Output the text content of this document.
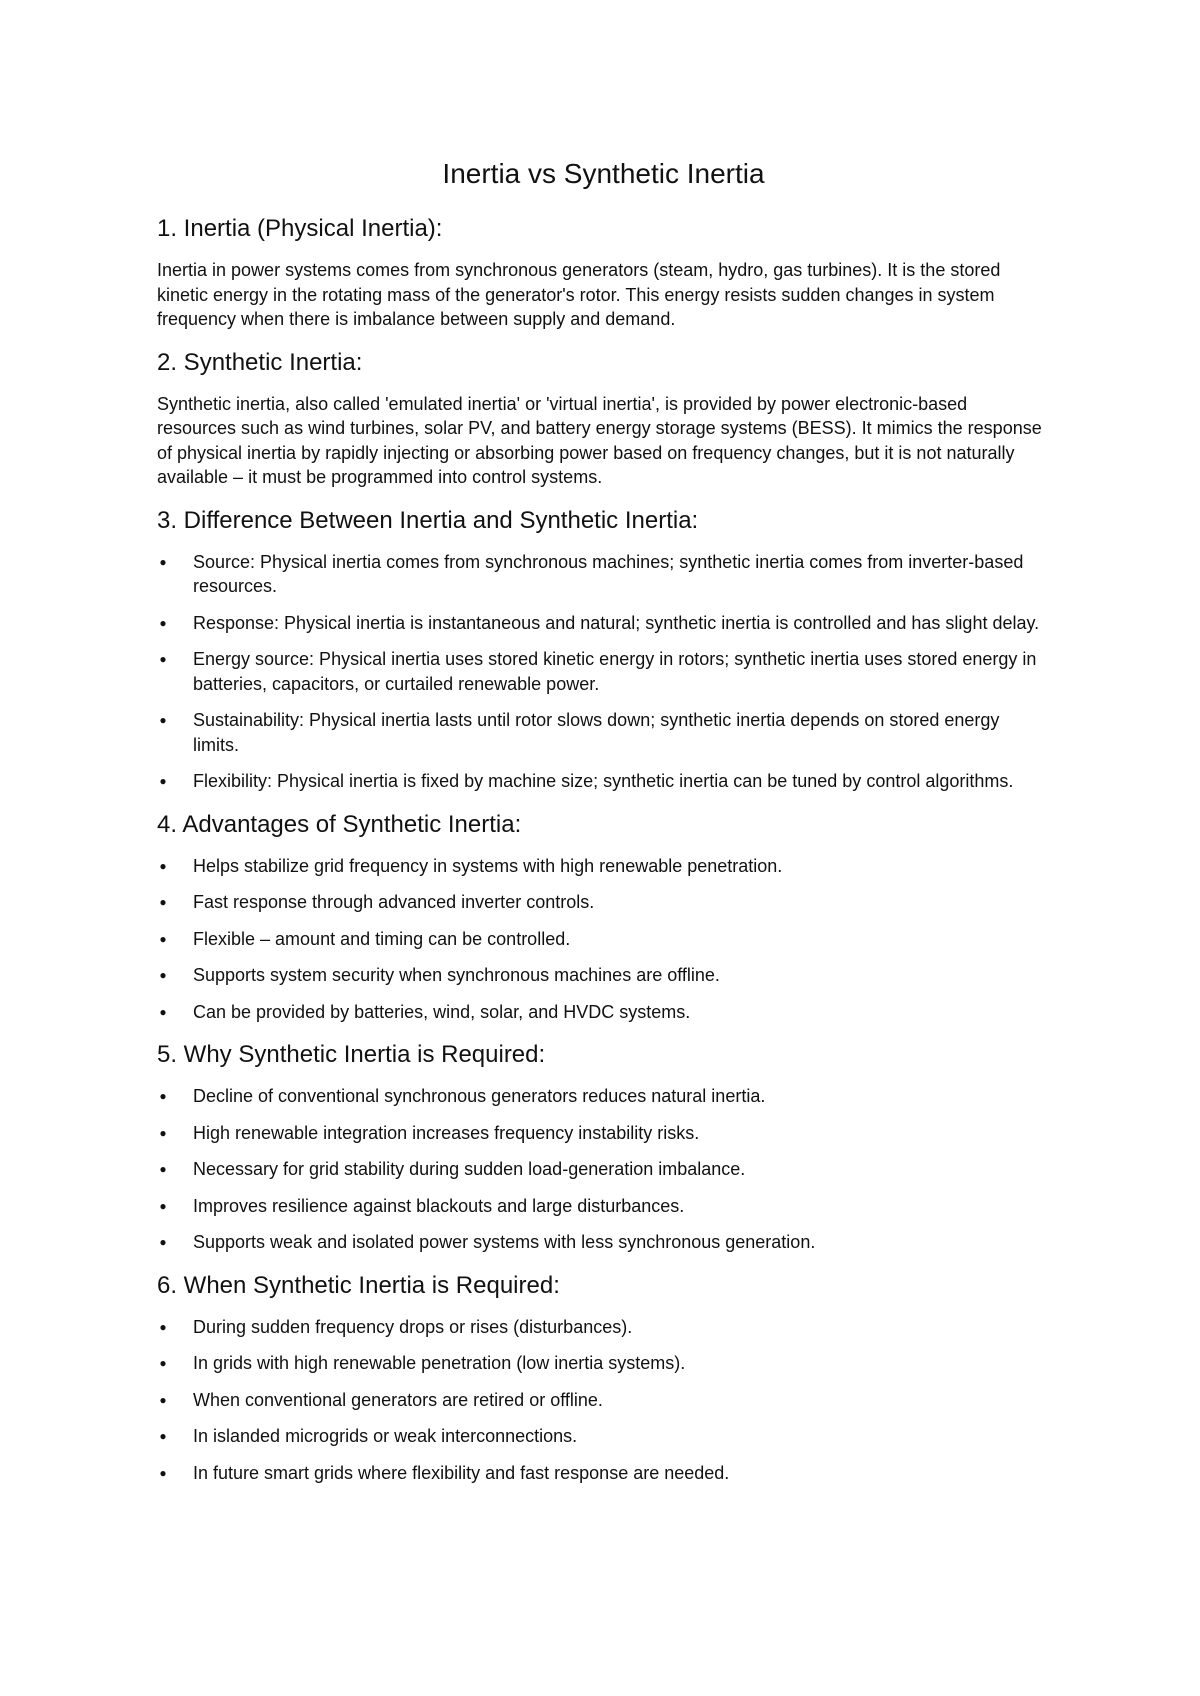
Inertia vs Synthetic Inertia
1. Inertia (Physical Inertia):

Inertia in power systems comes from synchronous generators (steam, hydro, gas turbines). It is the stored kinetic energy in the rotating mass of the generator's rotor. This energy resists sudden changes in system frequency when there is imbalance between supply and demand.

2. Synthetic Inertia:

Synthetic inertia, also called 'emulated inertia' or 'virtual inertia', is provided by power electronic-based resources such as wind turbines, solar PV, and battery energy storage systems (BESS). It mimics the response of physical inertia by rapidly injecting or absorbing power based on frequency changes, but it is not naturally available – it must be programmed into control systems.

3. Difference Between Inertia and Synthetic Inertia:
● Source: Physical inertia comes from synchronous machines; synthetic inertia comes from inverter-based resources.
● Response: Physical inertia is instantaneous and natural; synthetic inertia is controlled and has slight delay.
● Energy source: Physical inertia uses stored kinetic energy in rotors; synthetic inertia uses stored energy in batteries, capacitors, or curtailed renewable power.
● Sustainability: Physical inertia lasts until rotor slows down; synthetic inertia depends on stored energy limits.
● Flexibility: Physical inertia is fixed by machine size; synthetic inertia can be tuned by control algorithms.
4. Advantages of Synthetic Inertia:
● Helps stabilize grid frequency in systems with high renewable penetration.
● Fast response through advanced inverter controls.
● Flexible – amount and timing can be controlled.
● Supports system security when synchronous machines are offline.
● Can be provided by batteries, wind, solar, and HVDC systems.
5. Why Synthetic Inertia is Required:
● Decline of conventional synchronous generators reduces natural inertia.
● High renewable integration increases frequency instability risks.
● Necessary for grid stability during sudden load-generation imbalance.
● Improves resilience against blackouts and large disturbances.
● Supports weak and isolated power systems with less synchronous generation.
6. When Synthetic Inertia is Required:
● During sudden frequency drops or rises (disturbances).
● In grids with high renewable penetration (low inertia systems).
● When conventional generators are retired or offline.
● In islanded microgrids or weak interconnections.
● In future smart grids where flexibility and fast response are needed.
